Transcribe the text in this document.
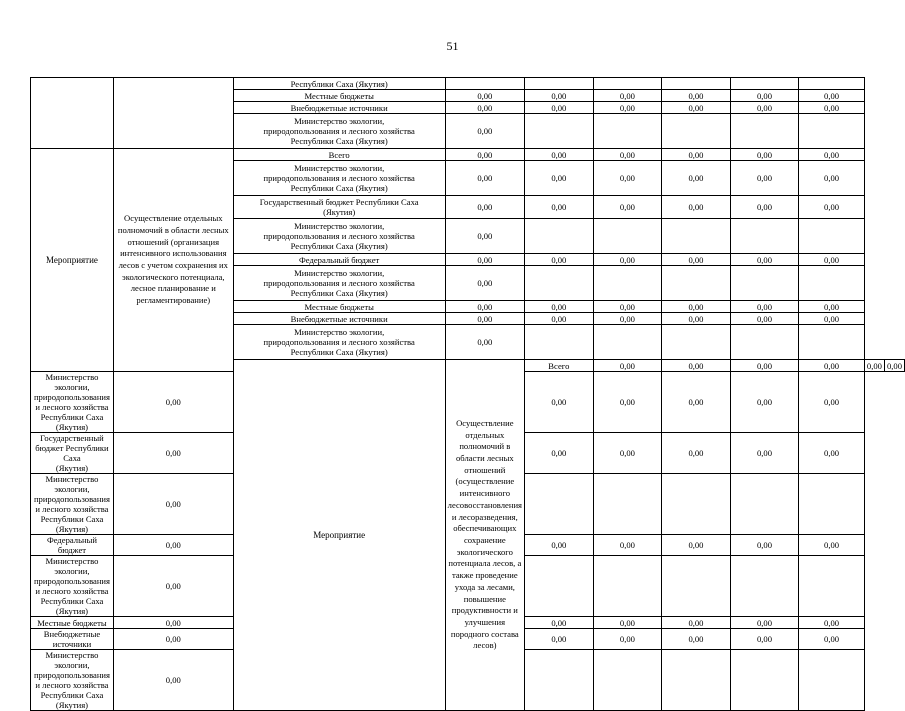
51
		Республики Саха (Якутия)								
		Местные бюджеты	0,00	0,00	0,00	0,00	0,00	0,00		
		Внебюджетные источники	0,00	0,00	0,00	0,00	0,00	0,00		
		Министерство экологии,
природопользования и лесного хозяйства
Республики Саха (Якутия)	0,00							
Мероприятие	Осуществление отдельных полномочий в области лесных отношений (организация интенсивного использования лесов с учетом сохранения их экологического потенциала, лесное планирование и регламентирование)	Всего	0,00	0,00	0,00	0,00	0,00	0,00		
		Министерство экологии,
природопользования и лесного хозяйства
Республики Саха (Якутия)	0,00	0,00	0,00	0,00	0,00	0,00		
		Государственный бюджет Республики Саха
(Якутия)	0,00	0,00	0,00	0,00	0,00	0,00		
		Министерство экологии,
природопользования и лесного хозяйства
Республики Саха (Якутия)	0,00							
		Федеральный бюджет	0,00	0,00	0,00	0,00	0,00	0,00		
		Министерство экологии,
природопользования и лесного хозяйства
Республики Саха (Якутия)	0,00							
		Местные бюджеты	0,00	0,00	0,00	0,00	0,00	0,00		
		Внебюджетные источники	0,00	0,00	0,00	0,00	0,00	0,00		
		Министерство экологии,
природопользования и лесного хозяйства
Республики Саха (Якутия)	0,00							
		Мероприятие	Осуществление отдельных полномочий в области лесных отношений (осуществление интенсивного лесовосстановления и лесоразведения, обеспечивающих сохранение экологического потенциала лесов, а также проведение ухода за лесами, повышение продуктивности и улучшения породного состава лесов)	Всего	0,00	0,00	0,00	0,00	0,00	0,00
Министерство экологии,
природопользования и лесного хозяйства
Республики Саха (Якутия)	0,00			0,00	0,00	0,00	0,00	0,00		
Государственный бюджет Республики Саха
(Якутия)	0,00			0,00	0,00	0,00	0,00	0,00		
Министерство экологии,
природопользования и лесного хозяйства
Республики Саха (Якутия)	0,00									
Федеральный бюджет	0,00			0,00	0,00	0,00	0,00	0,00		
Министерство экологии,
природопользования и лесного хозяйства
Республики Саха (Якутия)	0,00									
Местные бюджеты	0,00			0,00	0,00	0,00	0,00	0,00		
Внебюджетные источники	0,00			0,00	0,00	0,00	0,00	0,00		
Министерство экологии,
природопользования и лесного хозяйства
Республики Саха (Якутия)	0,00									
